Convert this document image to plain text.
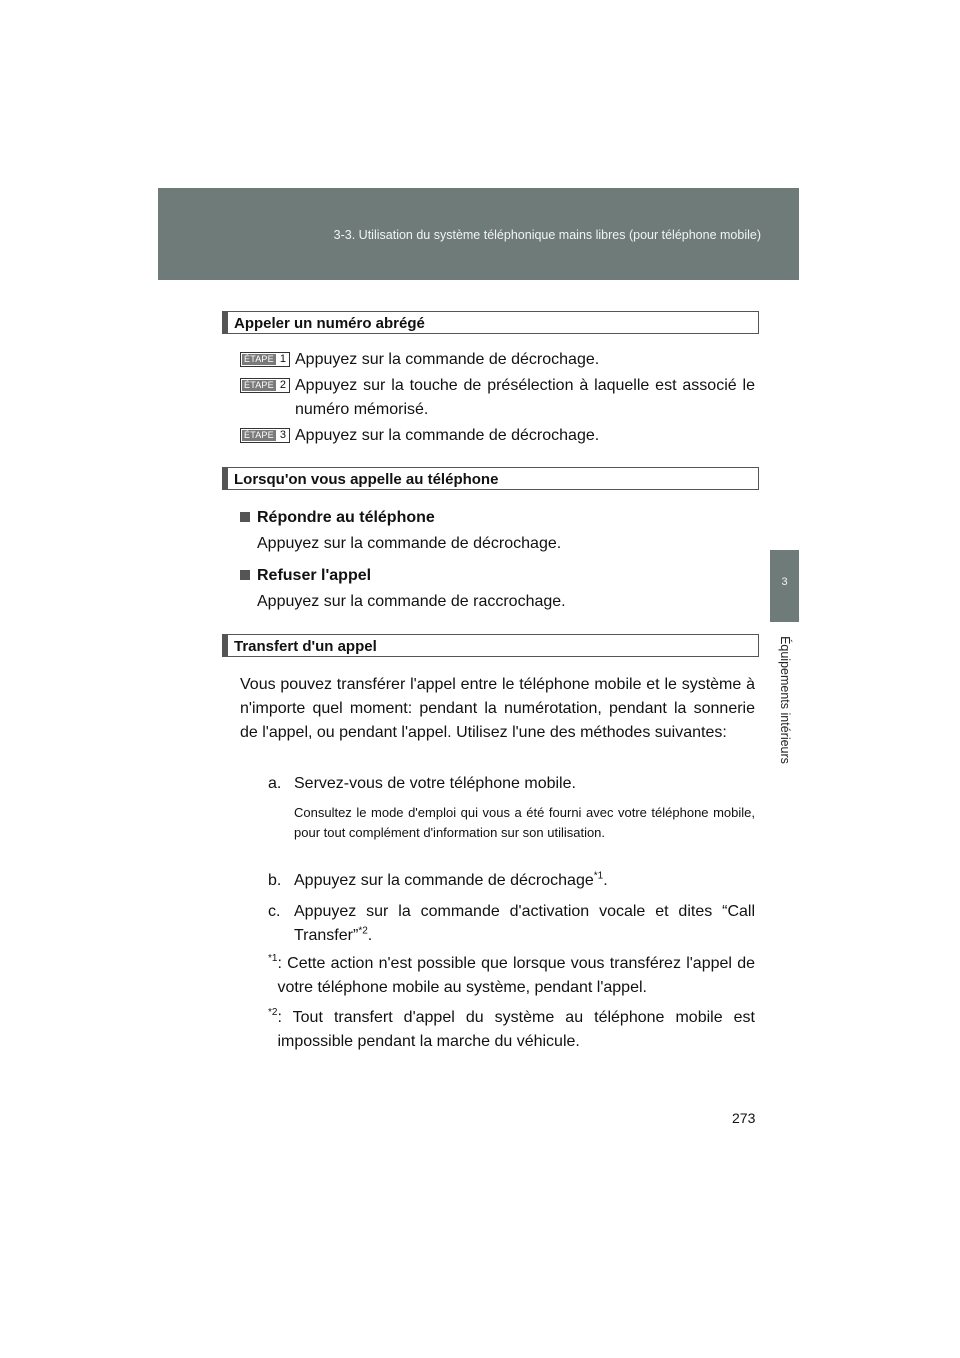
3-3. Utilisation du système téléphonique mains libres (pour téléphone mobile)
3
Équipements intérieurs
Appeler un numéro abrégé
ÉTAPE 1 Appuyez sur la commande de décrochage.
ÉTAPE 2 Appuyez sur la touche de présélection à laquelle est associé le numéro mémorisé.
ÉTAPE 3 Appuyez sur la commande de décrochage.
Lorsqu'on vous appelle au téléphone
Répondre au téléphone
Appuyez sur la commande de décrochage.
Refuser l'appel
Appuyez sur la commande de raccrochage.
Transfert d'un appel
Vous pouvez transférer l'appel entre le téléphone mobile et le système à n'importe quel moment: pendant la numérotation, pendant la sonnerie de l'appel, ou pendant l'appel. Utilisez l'une des méthodes suivantes:
a. Servez-vous de votre téléphone mobile.
Consultez le mode d'emploi qui vous a été fourni avec votre téléphone mobile, pour tout complément d'information sur son utilisation.
b. Appuyez sur la commande de décrochage$^{*1}$.
c. Appuyez sur la commande d'activation vocale et dites “Call Transfer”$^{*2}$.
*1 : Cette action n'est possible que lorsque vous transférez l'appel de votre téléphone mobile au système, pendant l'appel.
*2 : Tout transfert d'appel du système au téléphone mobile est impossible pendant la marche du véhicule.
273
